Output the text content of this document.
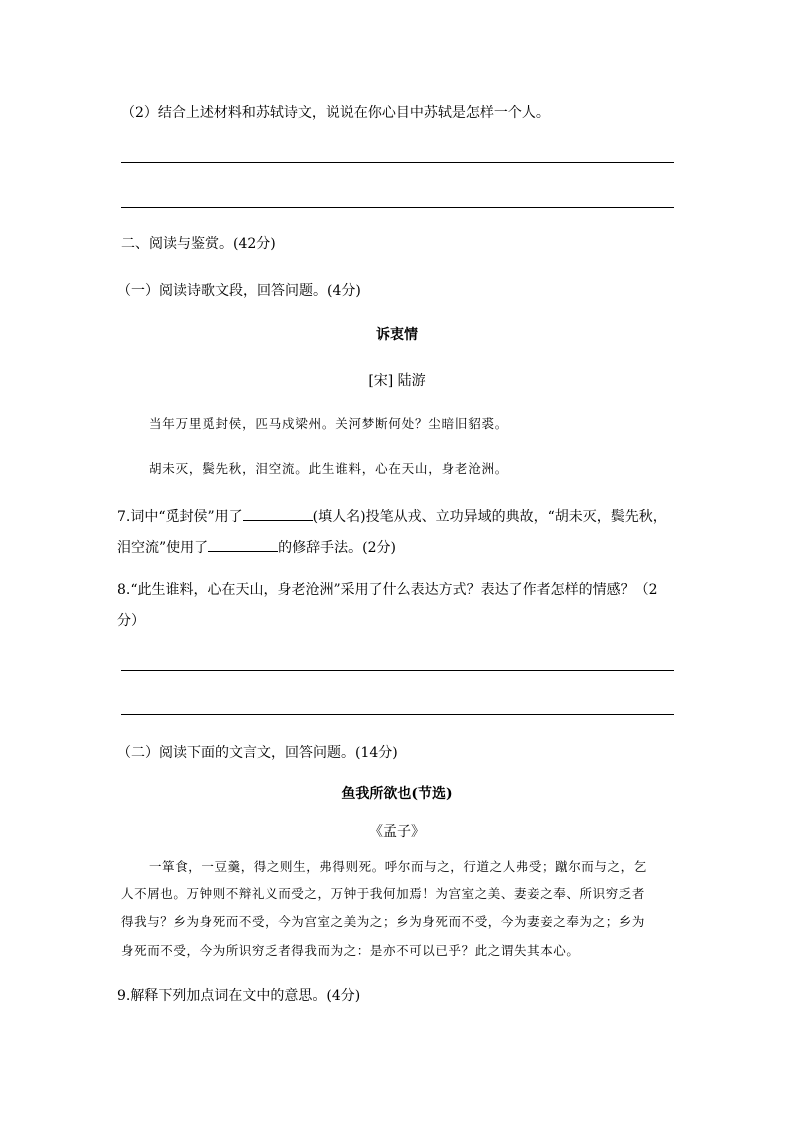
（2）结合上述材料和苏轼诗文，说说在你心目中苏轼是怎样一个人。
二、阅读与鉴赏。(42分)
（一）阅读诗歌文段，回答问题。(4分)
诉衷情
[宋] 陆游
当年万里觅封侯，匹马戍梁州。关河梦断何处？尘暗旧貂裘。
胡未灭，鬓先秋，泪空流。此生谁料，心在天山，身老沧洲。
7.词中“觅封侯”用了	(填人名)投笔从戎、立功异域的典故，“胡未灭，鬓先秋，
泪空流”使用了	的修辞手法。(2分)
8.“此生谁料，心在天山，身老沧洲”采用了什么表达方式？表达了作者怎样的情感？（2
分）
（二）阅读下面的文言文，回答问题。(14分)
鱼我所欲也(节选)
《孟子》
一箪食，一豆羹，得之则生，弗得则死。呼尔而与之，行道之人弗受；蹴尔而与之，乞
人不屑也。万钟则不辩礼义而受之，万钟于我何加焉！为宫室之美、妻妾之奉、所识穷乏者
得我与？乡为身死而不受，今为宫室之美为之；乡为身死而不受，今为妻妾之奉为之；乡为
身死而不受，今为所识穷乏者得我而为之：是亦不可以已乎？此之谓失其本心。
9.解释下列加点词在文中的意思。(4分)
